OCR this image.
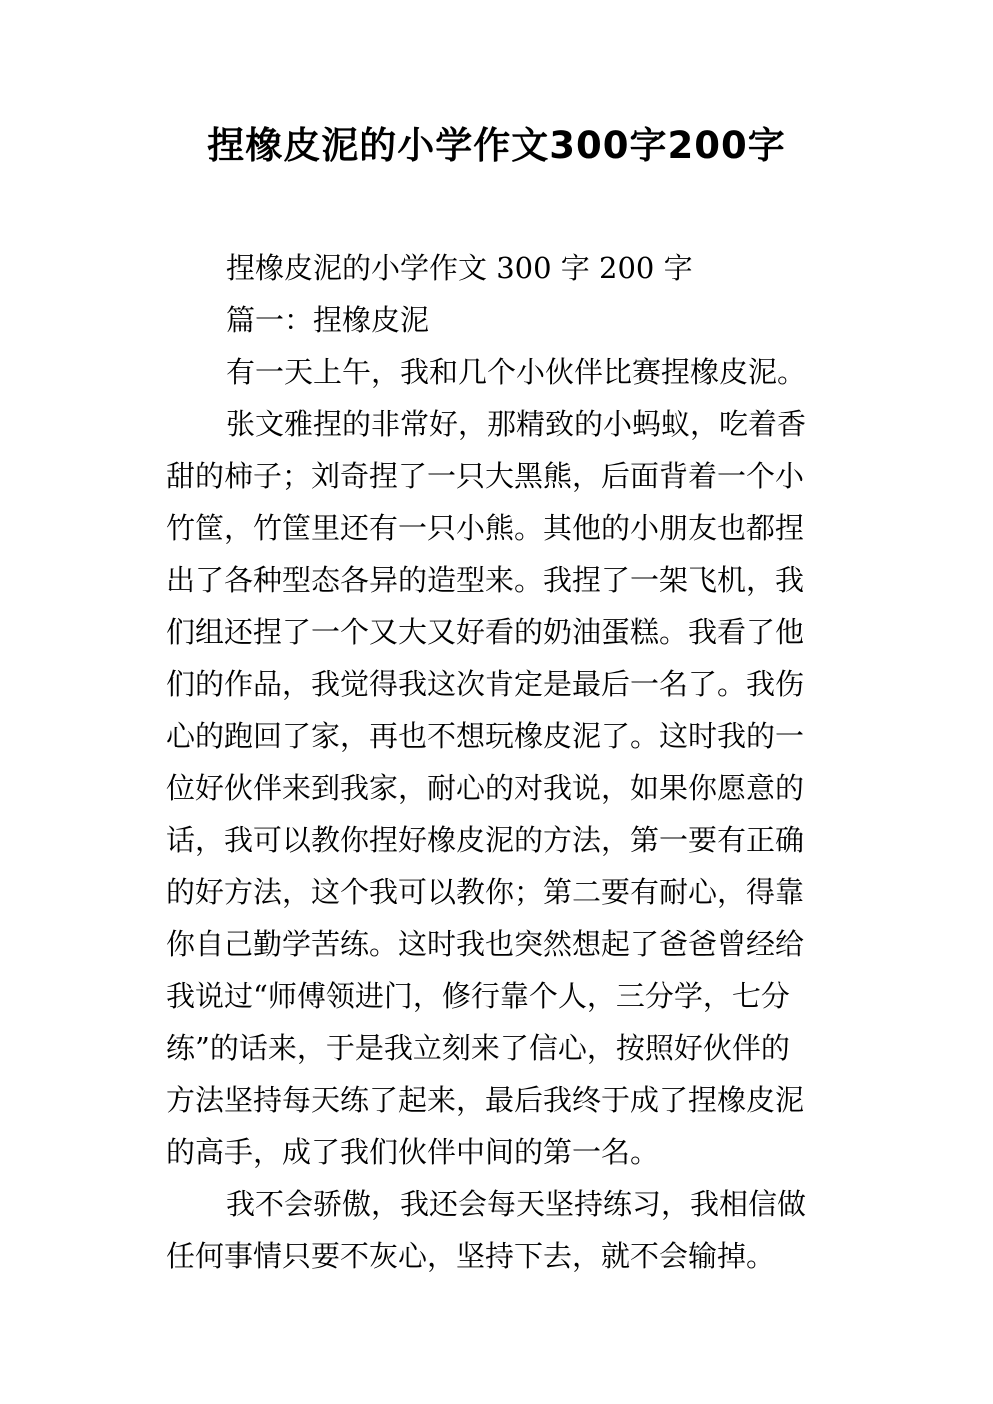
捏橡皮泥的小学作文300字200字
捏橡皮泥的小学作文 300 字 200 字
篇一：捏橡皮泥
有一天上午，我和几个小伙伴比赛捏橡皮泥。
张文雅捏的非常好，那精致的小蚂蚁，吃着香
甜的柿子；刘奇捏了一只大黑熊，后面背着一个小
竹筐，竹筐里还有一只小熊。其他的小朋友也都捏
出了各种型态各异的造型来。我捏了一架飞机，我
们组还捏了一个又大又好看的奶油蛋糕。我看了他
们的作品，我觉得我这次肯定是最后一名了。我伤
心的跑回了家，再也不想玩橡皮泥了。这时我的一
位好伙伴来到我家，耐心的对我说，如果你愿意的
话，我可以教你捏好橡皮泥的方法，第一要有正确
的好方法，这个我可以教你；第二要有耐心，得靠
你自己勤学苦练。这时我也突然想起了爸爸曾经给
我说过“师傅领进门，修行靠个人，三分学，七分
练”的话来，于是我立刻来了信心，按照好伙伴的
方法坚持每天练了起来，最后我终于成了捏橡皮泥
的高手，成了我们伙伴中间的第一名。
我不会骄傲，我还会每天坚持练习，我相信做
任何事情只要不灰心，坚持下去，就不会输掉。
